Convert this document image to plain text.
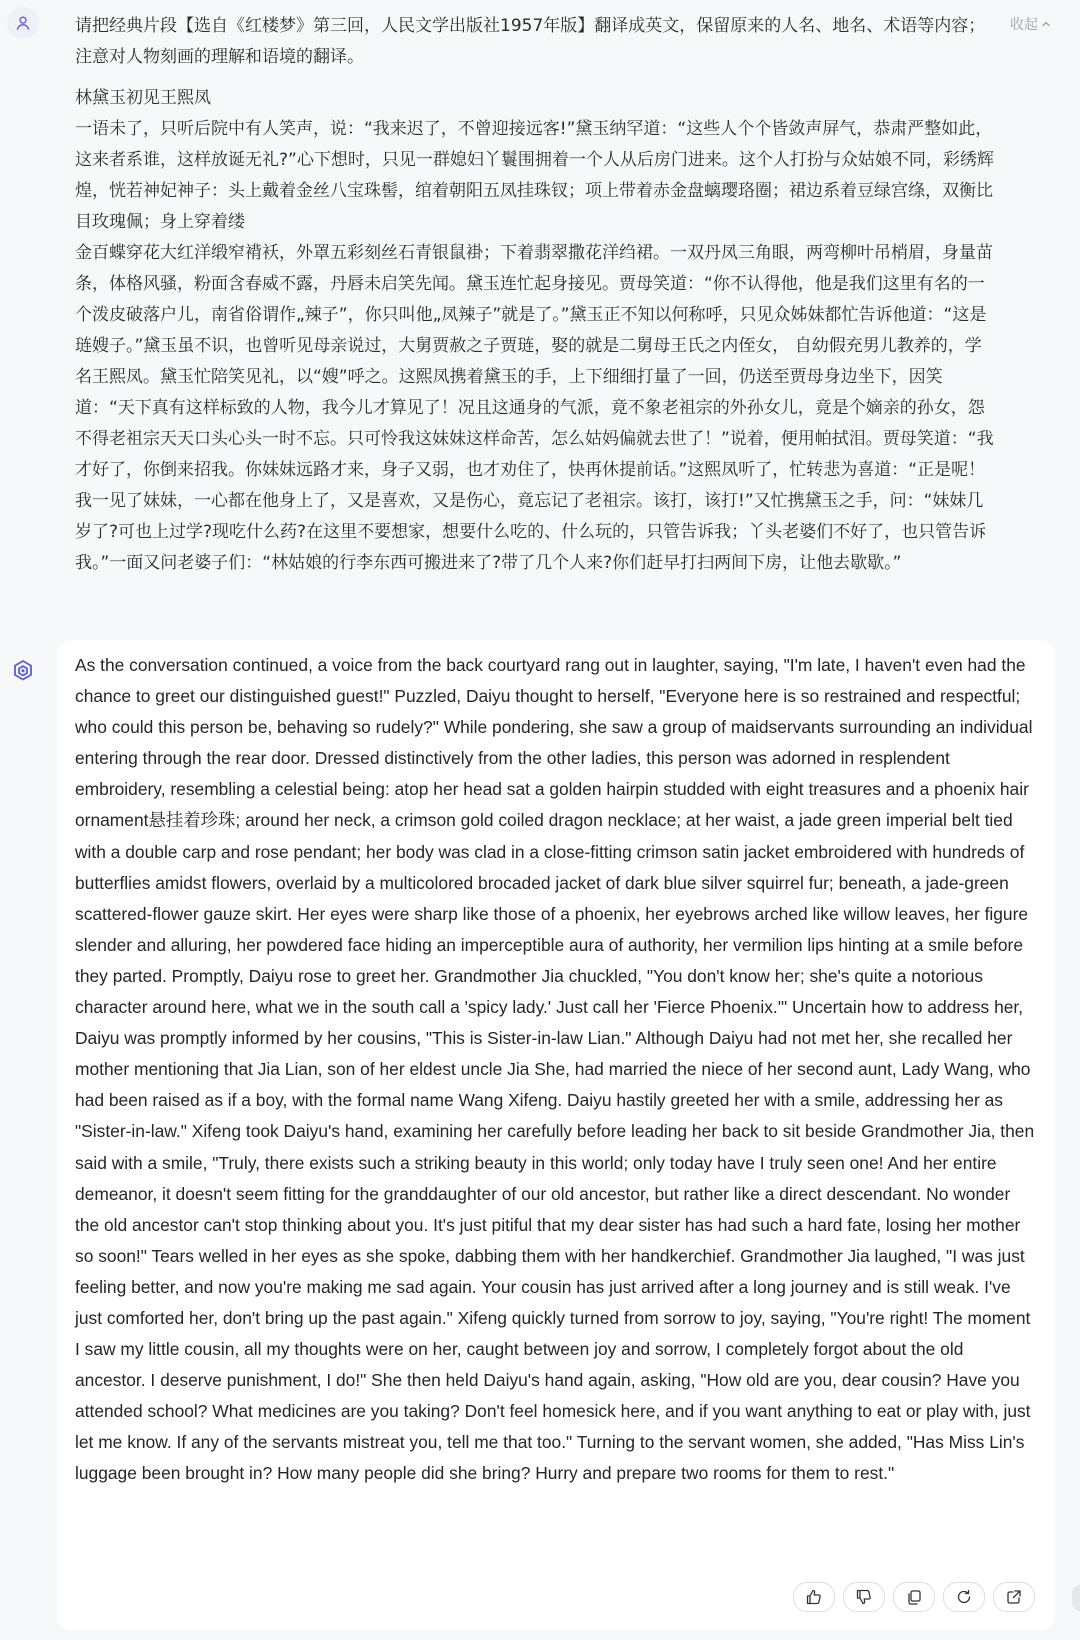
请把经典片段【选自《红楼梦》第三回，人民文学出版社1957年版】翻译成英文，保留原来的人名、地名、术语等内容；注意对人物刻画的理解和语境的翻译。

林黛玉初见王熙凤

一语未了，只听后院中有人笑声，说：“我来迟了，不曾迎接远客!”黛玉纳罕道：“这些人个个皆敛声屏气，恭肃严整如此，这来者系谁，这样放诞无礼?”心下想时，只见一群媳妇丫鬟围拥着一个人从后房门进来。这个人打扮与众姑娘不同，彩绣辉煌，恍若神妃神子：头上戴着金丝八宝珠髻，绾着朝阳五凤挂珠钗；项上带着赤金盘螭璎珞圈；裙边系着豆绿宫绦，双衡比目玫瑰佩；身上穿着缕

金百蝶穿花大红洋缎窄褙袄，外罩五彩刻丝石青银鼠褂；下着翡翠撒花洋绉裙。一双丹凤三角眼，两弯柳叶吊梢眉，身量苗条，体格风骚，粉面含春威不露，丹唇未启笑先闻。黛玉连忙起身接见。贾母笑道：“你不认得他，他是我们这里有名的一个泼皮破落户儿，南省俗谓作„辣子”，你只叫他„凤辣子”就是了。”黛玉正不知以何称呼，只见众姊妹都忙告诉他道：“这是琏嫂子。”黛玉虽不识，也曾听见母亲说过，大舅贾赦之子贾琏，娶的就是二舅母王氏之内侄女， 自幼假充男儿教养的，学名王熙凤。黛玉忙陪笑见礼，以“嫂”呼之。这熙凤携着黛玉的手，上下细细打量了一回，仍送至贾母身边坐下，因笑道：“天下真有这样标致的人物，我今儿才算见了！况且这通身的气派，竟不象老祖宗的外孙女儿，竟是个嫡亲的孙女，怨不得老祖宗天天口头心头一时不忘。只可怜我这妹妹这样命苦，怎么姑妈偏就去世了！”说着，便用帕拭泪。贾母笑道：“我才好了，你倒来招我。你妹妹远路才来，身子又弱，也才劝住了，快再休提前话。”这熙凤听了，忙转悲为喜道：“正是呢！我一见了妹妹，一心都在他身上了，又是喜欢，又是伤心，竟忘记了老祖宗。该打，该打!”又忙携黛玉之手，问：“妹妹几岁了?可也上过学?现吃什么药?在这里不要想家，想要什么吃的、什么玩的，只管告诉我；丫头老婆们不好了，也只管告诉我。”一面又问老婆子们：“林姑娘的行李东西可搬进来了?带了几个人来?你们赶早打扫两间下房，让他去歇歇。”

收起

As the conversation continued, a voice from the back courtyard rang out in laughter, saying, "I'm late, I haven't even had the chance to greet our distinguished guest!" Puzzled, Daiyu thought to herself, "Everyone here is so restrained and respectful; who could this person be, behaving so rudely?" While pondering, she saw a group of maidservants surrounding an individual entering through the rear door. Dressed distinctively from the other ladies, this person was adorned in resplendent embroidery, resembling a celestial being: atop her head sat a golden hairpin studded with eight treasures and a phoenix hair ornament悬挂着珍珠; around her neck, a crimson gold coiled dragon necklace; at her waist, a jade green imperial belt tied with a double carp and rose pendant; her body was clad in a close-fitting crimson satin jacket embroidered with hundreds of butterflies amidst flowers, overlaid by a multicolored brocaded jacket of dark blue silver squirrel fur; beneath, a jade-green scattered-flower gauze skirt. Her eyes were sharp like those of a phoenix, her eyebrows arched like willow leaves, her figure slender and alluring, her powdered face hiding an imperceptible aura of authority, her vermilion lips hinting at a smile before they parted. Promptly, Daiyu rose to greet her. Grandmother Jia chuckled, "You don't know her; she's quite a notorious character around here, what we in the south call a 'spicy lady.' Just call her 'Fierce Phoenix.'" Uncertain how to address her, Daiyu was promptly informed by her cousins, "This is Sister-in-law Lian." Although Daiyu had not met her, she recalled her mother mentioning that Jia Lian, son of her eldest uncle Jia She, had married the niece of her second aunt, Lady Wang, who had been raised as if a boy, with the formal name Wang Xifeng. Daiyu hastily greeted her with a smile, addressing her as "Sister-in-law." Xifeng took Daiyu's hand, examining her carefully before leading her back to sit beside Grandmother Jia, then said with a smile, "Truly, there exists such a striking beauty in this world; only today have I truly seen one! And her entire demeanor, it doesn't seem fitting for the granddaughter of our old ancestor, but rather like a direct descendant. No wonder the old ancestor can't stop thinking about you. It's just pitiful that my dear sister has had such a hard fate, losing her mother so soon!" Tears welled in her eyes as she spoke, dabbing them with her handkerchief. Grandmother Jia laughed, "I was just feeling better, and now you're making me sad again. Your cousin has just arrived after a long journey and is still weak. I've just comforted her, don't bring up the past again." Xifeng quickly turned from sorrow to joy, saying, "You're right! The moment I saw my little cousin, all my thoughts were on her, caught between joy and sorrow, I completely forgot about the old ancestor. I deserve punishment, I do!" She then held Daiyu's hand again, asking, "How old are you, dear cousin? Have you attended school? What medicines are you taking? Don't feel homesick here, and if you want anything to eat or play with, just let me know. If any of the servants mistreat you, tell me that too." Turning to the servant women, she added, "Has Miss Lin's luggage been brought in? How many people did she bring? Hurry and prepare two rooms for them to rest."
